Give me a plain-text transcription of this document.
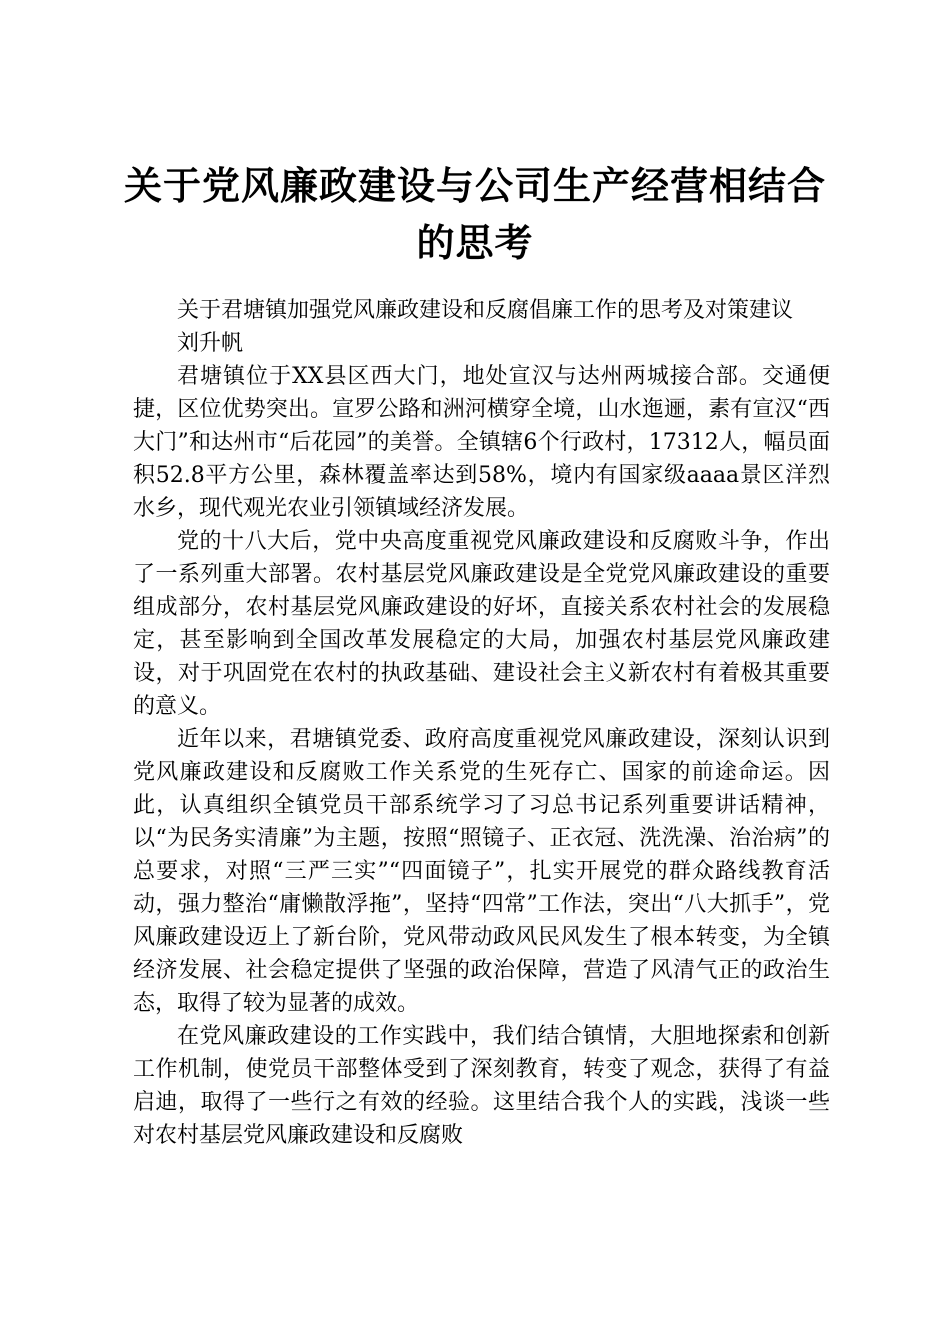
关于党风廉政建设与公司生产经营相结合的思考

关于君塘镇加强党风廉政建设和反腐倡廉工作的思考及对策建议

刘升帆

君塘镇位于XX县区西大门，地处宣汉与达州两城接合部。交通便捷，区位优势突出。宣罗公路和洲河横穿全境，山水迤逦，素有宣汉“西大门”和达州市“后花园”的美誉。全镇辖6个行政村，17312人，幅员面积52.8平方公里，森林覆盖率达到58%，境内有国家级aaaa景区洋烈水乡，现代观光农业引领镇域经济发展。

党的十八大后，党中央高度重视党风廉政建设和反腐败斗争，作出了一系列重大部署。农村基层党风廉政建设是全党党风廉政建设的重要组成部分，农村基层党风廉政建设的好坏，直接关系农村社会的发展稳定，甚至影响到全国改革发展稳定的大局，加强农村基层党风廉政建设，对于巩固党在农村的执政基础、建设社会主义新农村有着极其重要的意义。

近年以来，君塘镇党委、政府高度重视党风廉政建设，深刻认识到党风廉政建设和反腐败工作关系党的生死存亡、国家的前途命运。因此，认真组织全镇党员干部系统学习了习总书记系列重要讲话精神，以“为民务实清廉”为主题，按照“照镜子、正衣冠、洗洗澡、治治病”的总要求，对照“三严三实”“四面镜子”，扎实开展党的群众路线教育活动，强力整治“庸懒散浮拖”，坚持“四常”工作法，突出“八大抓手”，党风廉政建设迈上了新台阶，党风带动政风民风发生了根本转变，为全镇经济发展、社会稳定提供了坚强的政治保障，营造了风清气正的政治生态，取得了较为显著的成效。

在党风廉政建设的工作实践中，我们结合镇情，大胆地探索和创新工作机制，使党员干部整体受到了深刻教育，转变了观念，获得了有益启迪，取得了一些行之有效的经验。这里结合我个人的实践，浅谈一些对农村基层党风廉政建设和反腐败
